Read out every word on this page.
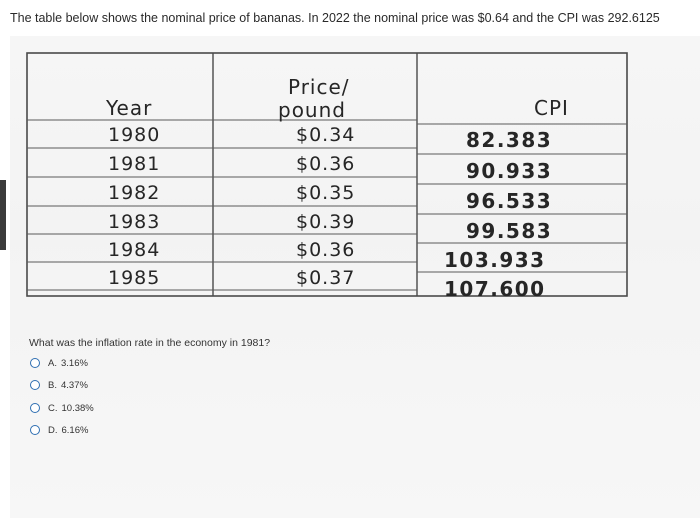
The table below shows the nominal price of bananas. In 2022 the nominal price was $0.64 and the CPI was 292.6125
Year
Price/
pound	CPI
1980
1981
1982
1983
1984
1985
$0.34
$0.36
$0.35
$0.39
$0.36
$0.37
82.383
90.933
96.533
99.583
103.933
107.600
What was the inflation rate in the economy in 1981?
A. 3.16%
B. 4.37%
C. 10.38%
D. 6.16%
